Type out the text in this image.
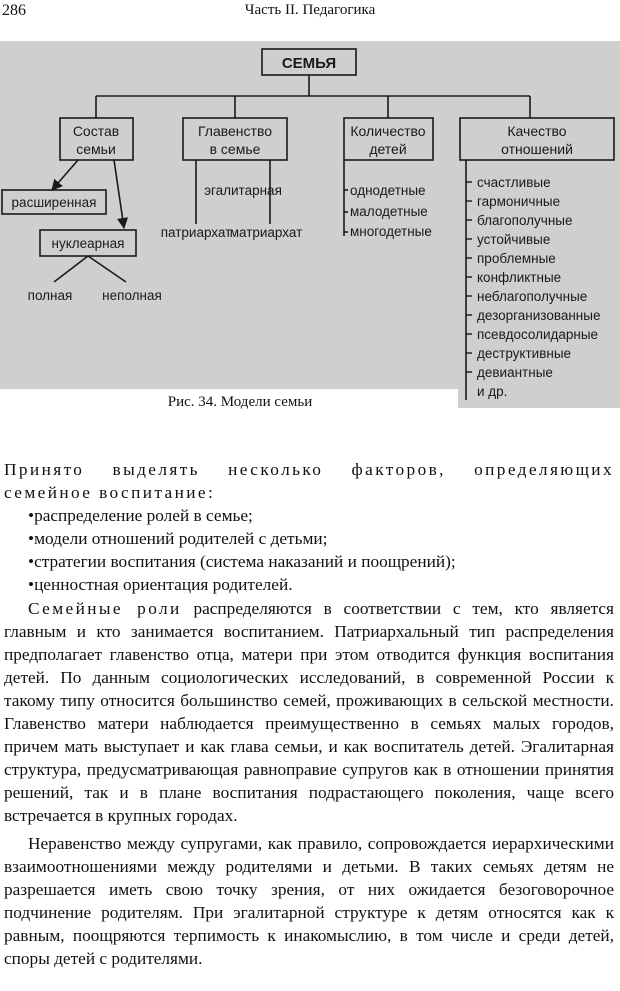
286	Часть II. Педагогика
СЕМЬЯ
Состав
семьи
Главенство
в семье
Количество
детей
Качество
отношений
расширенная
нуклеарная
полная неполная
эгалитарная
патриархат
матриархат
однодетные
малодетные
многодетные
счастливые
гармоничные
благополучные
устойчивые
проблемные
конфликтные
неблагополучные
дезорганизованные
псевдосолидарные
деструктивные
девиантные
и др.
Рис. 34. Модели семьи

Принято выделять несколько факторов, определяющих семейное воспитание:

•распределение ролей в семье;
•модели отношений родителей с детьми;
•стратегии воспитания (система наказаний и поощрений);
•ценностная ориентация родителей.

Семейные роли распределяются в соответствии с тем, кто является главным и кто занимается воспитанием. Патриархальный тип распределения предполагает главенство отца, матери при этом отводится функция воспитания детей. По данным социологических исследований, в современной России к такому типу относится большинство семей, проживающих в сельской местности. Главенство матери наблюдается преимущественно в семьях малых городов, причем мать выступает и как глава семьи, и как воспитатель детей. Эгалитарная структура, предусматривающая равноправие супругов как в отношении принятия решений, так и в плане воспитания подрастающего поколения, чаще всего встречается в крупных городах.

Неравенство между супругами, как правило, сопровождается иерархическими взаимоотношениями между родителями и детьми. В таких семьях детям не разрешается иметь свою точку зрения, от них ожидается безоговорочное подчинение родителям. При эгалитарной структуре к детям относятся как к равным, поощряются терпимость к инакомыслию, в том числе и среди детей, споры детей с родителями.
